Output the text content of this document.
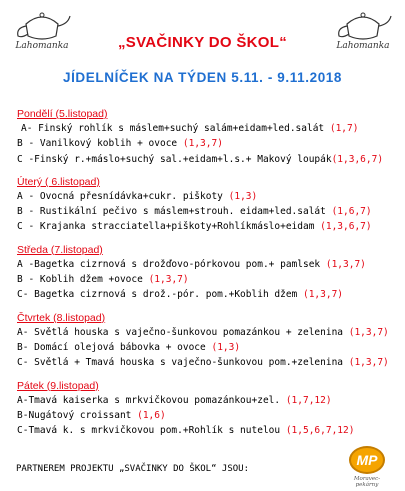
Lahomanka	Lahomanka
„SVAČINKY DO ŠKOL“
JÍDELNÍČEK NA TÝDEN 5.11. - 9.11.2018
Pondělí (5.listopad)
A- Finský rohlík s máslem+suchý salám+eidam+led.salát (1,7)
B - Vanilkový koblih + ovoce (1,3,7)
C -Finský r.+máslo+suchý sal.+eidam+l.s.+ Makový loupák(1,3,6,7)
Úterý ( 6.listopad)
A - Ovocná přesnídávka+cukr. piškoty (1,3)
B - Rustikální pečivo s máslem+strouh. eidam+led.salát (1,6,7)
C - Krajanka stracciatella+piškoty+Rohlíkmáslo+eidam (1,3,6,7)
Středa (7.listopad)
A -Bagetka cizrnová s drožďovo-pórkovou pom.+ pamlsek (1,3,7)
B - Koblih džem +ovoce (1,3,7)
C- Bagetka cizrnová s drož.-pór. pom.+Koblih džem (1,3,7)
Čtvrtek (8.listopad)
A- Světlá houska s vaječno-šunkovou pomazánkou + zelenina (1,3,7)
B- Domácí olejová bábovka + ovoce (1,3)
C- Světlá + Tmavá houska s vaječno-šunkovou pom.+zelenina (1,3,7)
Pátek (9.listopad)
A-Tmavá kaiserka s mrkvičkovou pomazánkou+zel. (1,7,12)
B-Nugátový croissant (1,6)
C-Tmavá k. s mrkvičkovou pom.+Rohlík s nutelou (1,5,6,7,12)
PARTNEREM PROJEKTU „SVAČINKY DO ŠKOL“ JSOU:
MP
Moravec-pekárny
